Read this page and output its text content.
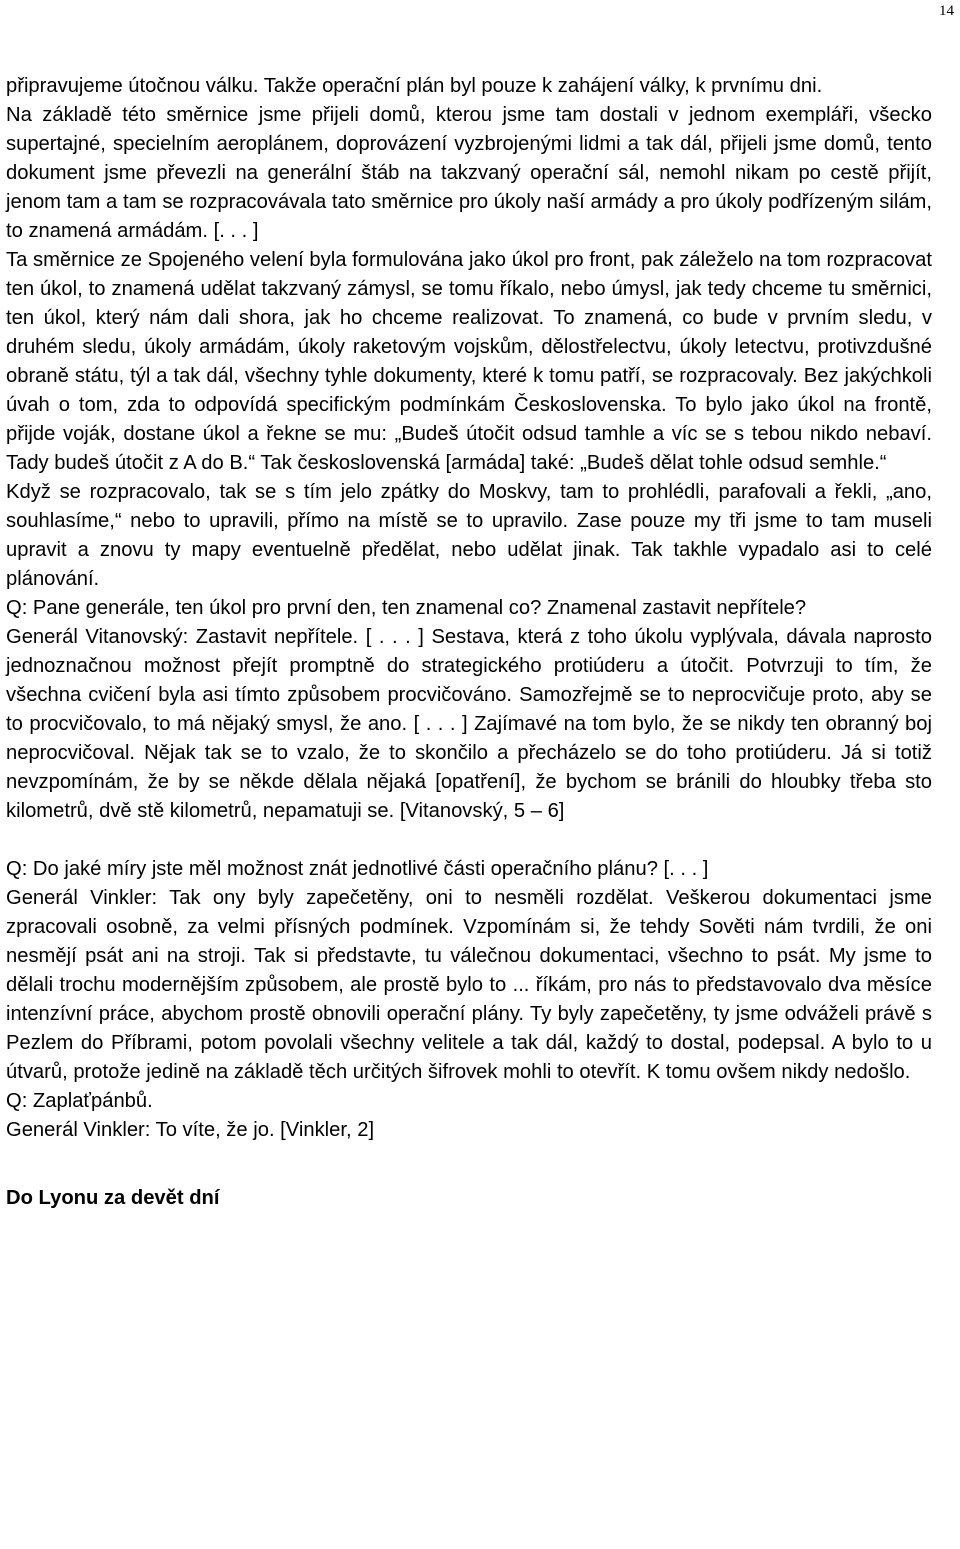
14

připravujeme útočnou válku. Takže operační plán byl pouze k zahájení války, k prvnímu dni.

Na základě této směrnice jsme přijeli domů, kterou jsme tam dostali v jednom exempláři, všecko supertajné, specielním aeroplánem, doprovázení vyzbrojenými lidmi a tak dál, přijeli jsme domů, tento dokument jsme převezli na generální štáb na takzvaný operační sál, nemohl nikam po cestě přijít, jenom tam a tam se rozpracovávala tato směrnice pro úkoly naší armády a pro úkoly podřízeným silám, to znamená armádám. [. . . ]

Ta směrnice ze Spojeného velení byla formulována jako úkol pro front, pak záleželo na tom rozpracovat ten úkol, to znamená udělat takzvaný zámysl, se tomu říkalo, nebo úmysl, jak tedy chceme tu směrnici, ten úkol, který nám dali shora, jak ho chceme realizovat. To znamená, co bude v prvním sledu, v druhém sledu, úkoly armádám, úkoly raketovým vojskům, dělostřelectvu, úkoly letectvu, protivzdušné obraně státu, týl a tak dál, všechny tyhle dokumenty, které k tomu patří, se rozpracovaly. Bez jakýchkoli úvah o tom, zda to odpovídá specifickým podmínkám Československa. To bylo jako úkol na frontě, přijde voják, dostane úkol a řekne se mu: „Budeš útočit odsud tamhle a víc se s tebou nikdo nebaví. Tady budeš útočit z A do B.“ Tak československá [armáda] také: „Budeš dělat tohle odsud semhle.“

Když se rozpracovalo, tak se s tím jelo zpátky do Moskvy, tam to prohlédli, parafovali a řekli, „ano, souhlasíme,“ nebo to upravili, přímo na místě se to upravilo. Zase pouze my tři jsme to tam museli upravit a znovu ty mapy eventuelně předělat, nebo udělat jinak. Tak takhle vypadalo asi to celé plánování.

Q: Pane generále, ten úkol pro první den, ten znamenal co? Znamenal zastavit nepřítele?

Generál Vitanovský: Zastavit nepřítele. [ . . . ] Sestava, která z toho úkolu vyplývala, dávala naprosto jednoznačnou možnost přejít promptně do strategického protiúderu a útočit. Potvrzuji to tím, že všechna cvičení byla asi tímto způsobem procvičováno. Samozřejmě se to neprocvičuje proto, aby se to procvičovalo, to má nějaký smysl, že ano. [ . . . ] Zajímavé na tom bylo, že se nikdy ten obranný boj neprocvičoval. Nějak tak se to vzalo, že to skončilo a přecházelo se do toho protiúderu. Já si totiž nevzpomínám, že by se někde dělala nějaká [opatření], že bychom se bránili do hloubky třeba sto kilometrů, dvě stě kilometrů, nepamatuji se. [Vitanovský, 5 – 6]

Q: Do jaké míry jste měl možnost znát jednotlivé části operačního plánu? [. . . ]

Generál Vinkler: Tak ony byly zapečetěny, oni to nesměli rozdělat. Veškerou dokumentaci jsme zpracovali osobně, za velmi přísných podmínek. Vzpomínám si, že tehdy Sověti nám tvrdili, že oni nesmějí psát ani na stroji. Tak si představte, tu válečnou dokumentaci, všechno to psát. My jsme to dělali trochu modernějším způsobem, ale prostě bylo to ... říkám, pro nás to představovalo dva měsíce intenzívní práce, abychom prostě obnovili operační plány. Ty byly zapečetěny, ty jsme odváželi právě s Pezlem do Příbrami, potom povolali všechny velitele a tak dál, každý to dostal, podepsal. A bylo to u útvarů, protože jedině na základě těch určitých šifrovek mohli to otevřít. K tomu ovšem nikdy nedošlo.

Q: Zaplaťpánbů.

Generál Vinkler: To víte, že jo. [Vinkler, 2]

Do Lyonu za devět dní
